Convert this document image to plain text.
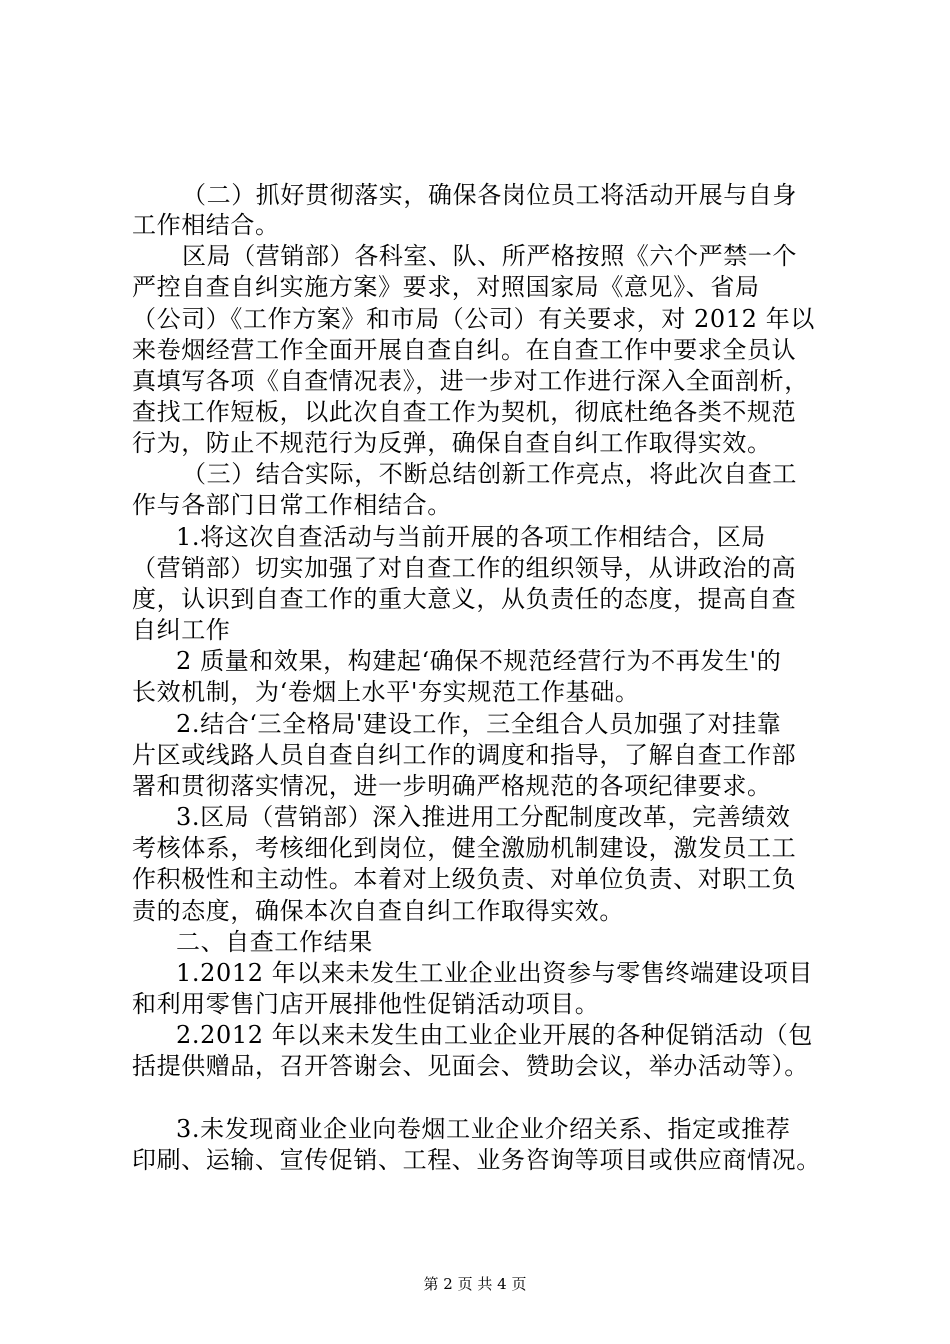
（二）抓好贯彻落实，确保各岗位员工将活动开展与自身
工作相结合。
区局（营销部）各科室、队、所严格按照《六个严禁一个
严控自查自纠实施方案》要求，对照国家局《意见》、省局
（公司）《工作方案》和市局（公司）有关要求，对 2012 年以
来卷烟经营工作全面开展自查自纠。在自查工作中要求全员认
真填写各项《自查情况表》，进一步对工作进行深入全面剖析，
查找工作短板，以此次自查工作为契机，彻底杜绝各类不规范
行为，防止不规范行为反弹，确保自查自纠工作取得实效。
（三）结合实际，不断总结创新工作亮点，将此次自查工
作与各部门日常工作相结合。
1.将这次自查活动与当前开展的各项工作相结合，区局
（营销部）切实加强了对自查工作的组织领导，从讲政治的高
度，认识到自查工作的重大意义，从负责任的态度，提高自查
自纠工作
2 质量和效果，构建起‘确保不规范经营行为不再发生'的
长效机制，为‘卷烟上水平'夯实规范工作基础。
2.结合‘三全格局'建设工作，三全组合人员加强了对挂靠
片区或线路人员自查自纠工作的调度和指导，了解自查工作部
署和贯彻落实情况，进一步明确严格规范的各项纪律要求。
3.区局（营销部）深入推进用工分配制度改革，完善绩效
考核体系，考核细化到岗位，健全激励机制建设，激发员工工
作积极性和主动性。本着对上级负责、对单位负责、对职工负
责的态度，确保本次自查自纠工作取得实效。
二、自查工作结果
1.2012 年以来未发生工业企业出资参与零售终端建设项目
和利用零售门店开展排他性促销活动项目。
2.2012 年以来未发生由工业企业开展的各种促销活动（包
括提供赠品，召开答谢会、见面会、赞助会议，举办活动等）。
3.未发现商业企业向卷烟工业企业介绍关系、指定或推荐
印刷、运输、宣传促销、工程、业务咨询等项目或供应商情况。
第 2 页 共 4 页
